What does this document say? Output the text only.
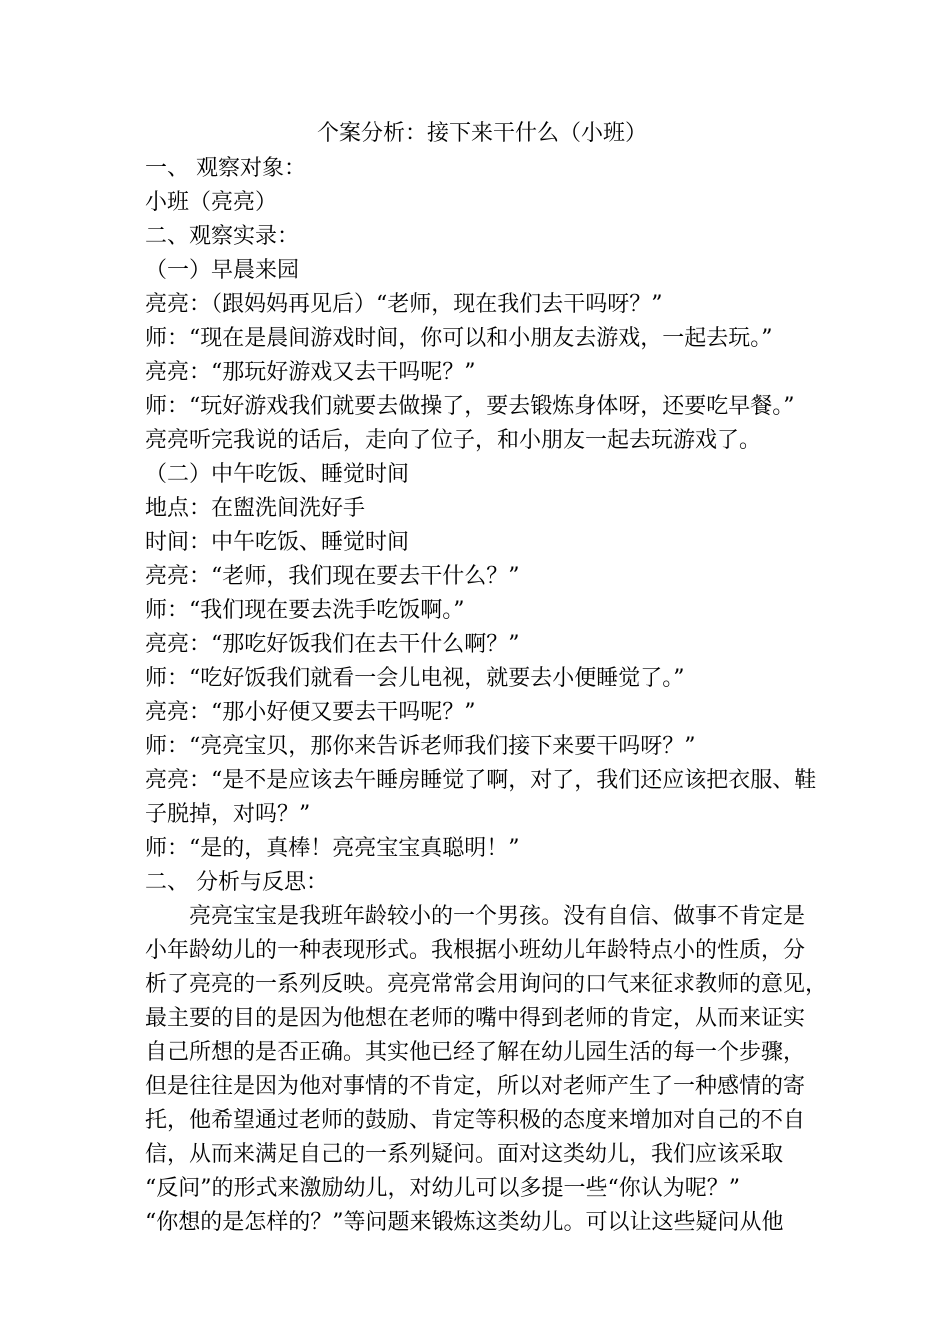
个案分析：接下来干什么（小班）
一、 观察对象：
小班（亮亮）
二、观察实录：
（一）早晨来园
亮亮：（跟妈妈再见后）“老师，现在我们去干吗呀？”
师：“现在是晨间游戏时间，你可以和小朋友去游戏，一起去玩。”
亮亮：“那玩好游戏又去干吗呢？”
师：“玩好游戏我们就要去做操了，要去锻炼身体呀，还要吃早餐。”
亮亮听完我说的话后，走向了位子，和小朋友一起去玩游戏了。
（二）中午吃饭、睡觉时间
地点：在盥洗间洗好手
时间：中午吃饭、睡觉时间
亮亮：“老师，我们现在要去干什么？”
师：“我们现在要去洗手吃饭啊。”
亮亮：“那吃好饭我们在去干什么啊？”
师：“吃好饭我们就看一会儿电视，就要去小便睡觉了。”
亮亮：“那小好便又要去干吗呢？”
师：“亮亮宝贝，那你来告诉老师我们接下来要干吗呀？”
亮亮：“是不是应该去午睡房睡觉了啊，对了，我们还应该把衣服、鞋
子脱掉，对吗？”
师：“是的，真棒！亮亮宝宝真聪明！”
二、 分析与反思：
亮亮宝宝是我班年龄较小的一个男孩。没有自信、做事不肯定是
小年龄幼儿的一种表现形式。我根据小班幼儿年龄特点小的性质，分
析了亮亮的一系列反映。亮亮常常会用询问的口气来征求教师的意见，
最主要的目的是因为他想在老师的嘴中得到老师的肯定，从而来证实
自己所想的是否正确。其实他已经了解在幼儿园生活的每一个步骤，
但是往往是因为他对事情的不肯定，所以对老师产生了一种感情的寄
托，他希望通过老师的鼓励、肯定等积极的态度来增加对自己的不自
信，从而来满足自己的一系列疑问。面对这类幼儿，我们应该采取
“反问”的形式来激励幼儿，对幼儿可以多提一些“你认为呢？”
“你想的是怎样的？”等问题来锻炼这类幼儿。可以让这些疑问从他
